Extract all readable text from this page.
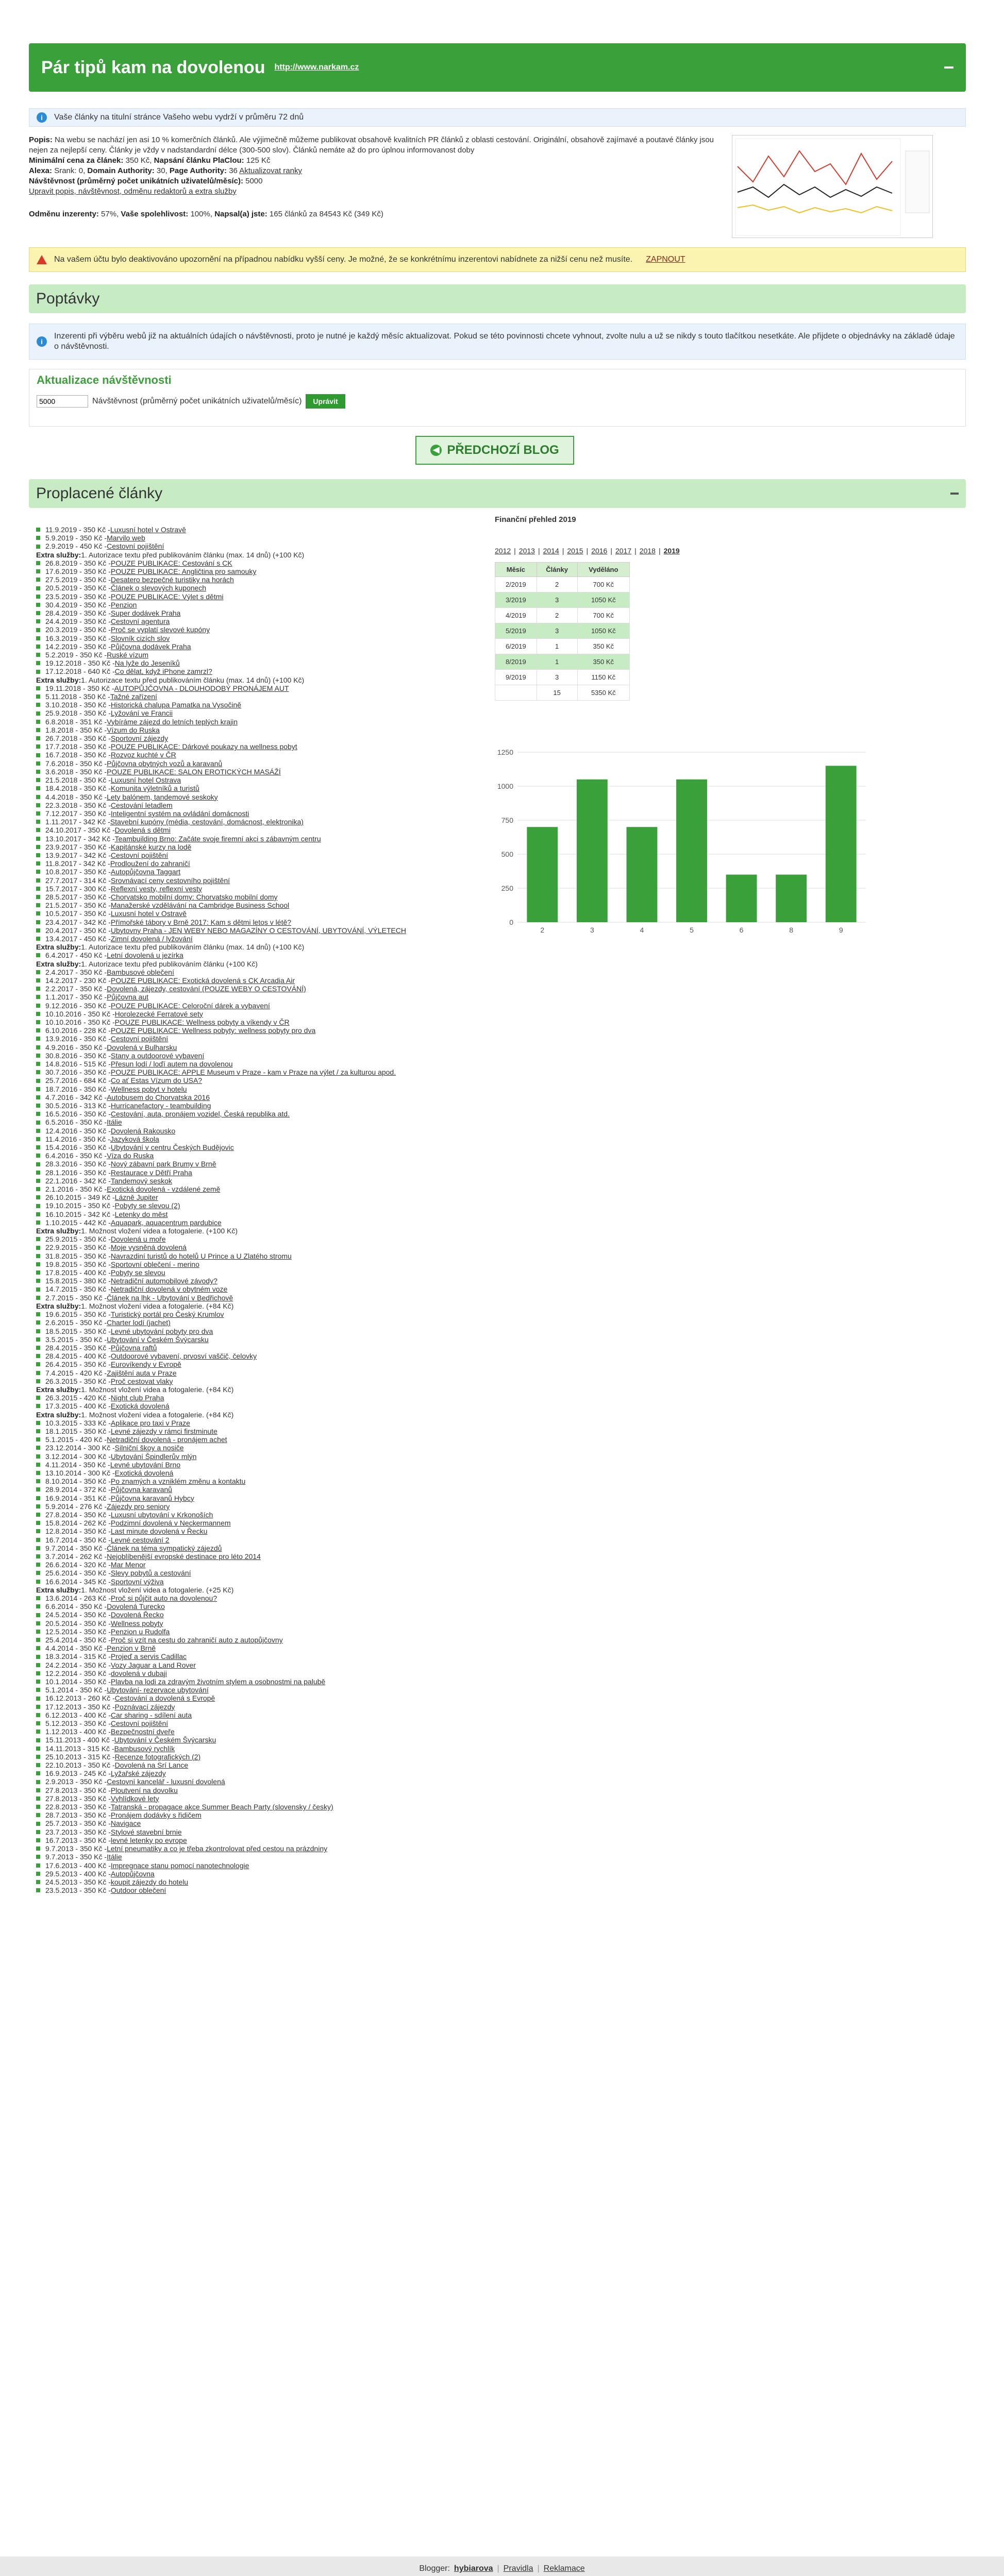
Pár tipů kam na dovolenou http://www.narkam.cz
i	Vaše články na titulní stránce Vašeho webu vydrží v průměru 72 dnů
Popis: Na webu se nachází jen asi 10 % komerčních článků. Ale výjimečně můžeme publikovat obsahově kvalitních PR článků z oblasti cestování. Originální, obsahově zajímavé a poutavé články jsou nejen za nejlepší ceny. Články je vždy v nadstandardní délce (300-500 slov). Článků nemáte až do pro úplnou informovanost doby
Minimální cena za článek: 350 Kč, Napsání článku PlaClou: 125 Kč
Alexa: Srank: 0, Domain Authority: 30, Page Authority: 36 Aktualizovat ranky
Návštěvnost (průměrný počet unikátních uživatelů/měsíc): 5000
Upravit popis, návštěvnost, odměnu redaktorů a extra služby
Odměnu inzerenty: 57%, Vaše spolehlivost: 100%, Napsal(a) jste: 165 článků za 84543 Kč (349 Kč)
Na vašem účtu bylo deaktivováno upozornění na případnou nabídku vyšší ceny. Je možné, že se konkrétnímu inzerentovi nabídnete za nižší cenu než musíte. ZAPNOUT
Poptávky
i
Inzerenti při výběru webů již na aktuálních údajích o návštěvnosti, proto je nutné je každý měsíc aktualizovat. Pokud se této povinnosti chcete vyhnout, zvolte nulu a už se nikdy s touto tlačítkou nesetkáte. Ale přijdete o objednávky na základě údaje o návštěvnosti.
Aktualizace návštěvnosti
5000
Návštěvnost (průměrný počet unikátních uživatelů/měsíc)	Uprávit
◀ PŘEDCHOZÍ BLOG
Proplacené články
11.9.2019 - 350 Kč - Luxusní hotel v Ostravě
5.9.2019 - 350 Kč - Marvilo web
2.9.2019 - 450 Kč - Cestovní pojištění
Extra služby: 1. Autorizace textu před publikováním článku (max. 14 dnů) (+100 Kč)
26.8.2019 - 350 Kč - POUZE PUBLIKACE: Cestování s CK
17.6.2019 - 350 Kč - POUZE PUBLIKACE: Angličtina pro samouky
27.5.2019 - 350 Kč - Desatero bezpečné turistiky na horách
20.5.2019 - 350 Kč - Článek o slevových kuponech
23.5.2019 - 350 Kč - POUZE PUBLIKACE: Výlet s dětmi
30.4.2019 - 350 Kč - Penzion
28.4.2019 - 350 Kč - Super dodávek Praha
24.4.2019 - 350 Kč - Cestovní agentura
20.3.2019 - 350 Kč - Proč se vyplatí slevové kupóny
16.3.2019 - 350 Kč - Slovník cizích slov
14.2.2019 - 350 Kč - Půjčovna dodávek Praha
5.2.2019 - 350 Kč - Ruské vízum
19.12.2018 - 350 Kč - Na lyže do Jeseníků
17.12.2018 - 640 Kč - Co dělat, když iPhone zamrzl?
Extra služby: 1. Autorizace textu před publikováním článku (max. 14 dnů) (+100 Kč)
19.11.2018 - 350 Kč - AUTOPŮJČOVNA - DLOUHODOBÝ PRONÁJEM AUT
5.11.2018 - 350 Kč - Tažné zařízení
3.10.2018 - 350 Kč - Historická chalupa Pamatka na Vysočině
25.9.2018 - 350 Kč - Lyžování ve Francii
6.8.2018 - 351 Kč - Vybíráme zájezd do letních teplých krajin
1.8.2018 - 350 Kč - Vízum do Ruska
26.7.2018 - 350 Kč - Sportovní zájezdy
17.7.2018 - 350 Kč - POUZE PUBLIKACE: Dárkové poukazy na wellness pobyt
16.7.2018 - 350 Kč - Rozvoz kuchté v ČR
7.6.2018 - 350 Kč - Půjčovna obytných vozů a karavanů
3.6.2018 - 350 Kč - POUZE PUBLIKACE: SALON EROTICKÝCH MASÁŽÍ
21.5.2018 - 350 Kč - Luxusní hotel Ostrava
18.4.2018 - 350 Kč - Komunita výletníků a turistů
4.4.2018 - 350 Kč - Lety balónem, tandemové seskoky
22.3.2018 - 350 Kč - Cestování letadlem
7.12.2017 - 350 Kč - Inteligentní systém na ovládání domácnosti
1.11.2017 - 342 Kč - Stavební kupóny (média, cestování, domácnost, elektronika)
24.10.2017 - 350 Kč - Dovolená s dětmi
13.10.2017 - 342 Kč - Teambuilding Brno: Začáte svoje firemní akci s zábavným centru
23.9.2017 - 350 Kč - Kapitánské kurzy na lodě
13.9.2017 - 342 Kč - Cestovní pojištění
11.8.2017 - 342 Kč - Prodloužení do zahraničí
10.8.2017 - 350 Kč - Autopůjčovna Taggart
27.7.2017 - 314 Kč - Srovnávací ceny cestovního pojištění
15.7.2017 - 300 Kč - Reflexní vesty, reflexní vesty
28.5.2017 - 350 Kč - Chorvatsko mobilní domy: Chorvatsko mobilní domy
21.5.2017 - 350 Kč - Manažerské vzdělávání na Cambridge Business School
10.5.2017 - 350 Kč - Luxusní hotel v Ostravě
23.4.2017 - 342 Kč - Přímořské tábory v Brně 2017: Kam s dětmi letos v létě?
20.4.2017 - 350 Kč - Ubytovny Praha - JEN WEBY NEBO MAGAZÍNY O CESTOVÁNÍ, UBYTOVÁNÍ, VÝLETECH
13.4.2017 - 450 Kč - Zimní dovolená / lyžování
Extra služby: 1. Autorizace textu před publikováním článku (max. 14 dnů) (+100 Kč)
6.4.2017 - 450 Kč - Letní dovolená u jezírka
Extra služby: 1. Autorizace textu před publikováním článku (+100 Kč)
2.4.2017 - 350 Kč - Bambusové oblečení
14.2.2017 - 230 Kč - POUZE PUBLIKACE: Exotická dovolená s CK Arcadia Air
2.2.2017 - 350 Kč - Dovolená, zájezdy, cestování (POUZE WEBY O CESTOVÁNÍ)
1.1.2017 - 350 Kč - Půjčovna aut
9.12.2016 - 350 Kč - POUZE PUBLIKACE: Celoroční dárek a vybavení
10.10.2016 - 350 Kč - Horolezecké Ferratové sety
10.10.2016 - 350 Kč - POUZE PUBLIKACE: Wellness pobyty a víkendy v ČR
6.10.2016 - 228 Kč - POUZE PUBLIKACE: Wellness pobyty: wellness pobyty pro dva
13.9.2016 - 350 Kč - Cestovní pojištění
4.9.2016 - 350 Kč - Dovolená v Bulharsku
30.8.2016 - 350 Kč - Stany a outdoorové vybavení
14.8.2016 - 515 Kč - Přesun lodí / loďí autem na dovolenou
30.7.2016 - 350 Kč - POUZE PUBLIKACE: APPLE Museum v Praze - kam v Praze na výlet / za kulturou apod.
25.7.2016 - 684 Kč - Co ať Estas Vízum do USA?
18.7.2016 - 350 Kč - Wellness pobyt v hotelu
4.7.2016 - 342 Kč - Autobusem do Chorvatska 2016
30.5.2016 - 313 Kč - Hurricanefactory - teambuilding
16.5.2016 - 350 Kč - Cestování, auta, pronájem vozidel, Česká republika atd.
6.5.2016 - 350 Kč - Itálie
12.4.2016 - 350 Kč - Dovolená Rakousko
11.4.2016 - 350 Kč - Jazyková škola
15.4.2016 - 350 Kč - Ubytování v centru Českých Budějovic
6.4.2016 - 350 Kč - Víza do Ruska
28.3.2016 - 350 Kč - Nový zábavní park Brumy v Brně
28.1.2016 - 350 Kč - Restaurace v Dětří Praha
22.1.2016 - 342 Kč - Tandemový seskok
2.1.2016 - 350 Kč - Exotická dovolená - vzdálené země
26.10.2015 - 349 Kč - Lázně Jupiter
19.10.2015 - 350 Kč - Pobyty se slevou (2)
16.10.2015 - 342 Kč - Letenky do měst
1.10.2015 - 442 Kč - Aquapark, aquacentrum pardubice
Extra služby: 1. Možnost vložení videa a fotogalerie. (+100 Kč)
25.9.2015 - 350 Kč - Dovolená u moře
22.9.2015 - 350 Kč - Moje vysněná dovolená
31.8.2015 - 350 Kč - Navrazdiní turistů do hotelů U Prince a U Zlatého stromu
19.8.2015 - 350 Kč - Sportovní oblečení - merino
17.8.2015 - 400 Kč - Pobyty se slevou
15.8.2015 - 380 Kč - Netradiční automobilové závody?
14.7.2015 - 350 Kč - Netradiční dovolená v obytném voze
2.7.2015 - 350 Kč - Článek na lhk - Ubytování v Bedřichově
Extra služby: 1. Možnost vložení videa a fotogalerie. (+84 Kč)
19.6.2015 - 350 Kč - Turistický portál pro Český Krumlov
2.6.2015 - 350 Kč - Charter lodí (jachet)
18.5.2015 - 350 Kč - Levné ubytování pobyty pro dva
3.5.2015 - 350 Kč - Ubytování v Českém Švýcarsku
28.4.2015 - 350 Kč - Půjčovna raftů
28.4.2015 - 400 Kč - Outdoorové vybavení, prvosví vaščič, čelovky
26.4.2015 - 350 Kč - Eurovíkendy v Evropě
7.4.2015 - 420 Kč - Zajištění auta v Praze
26.3.2015 - 350 Kč - Proč cestovat vlaky
Extra služby: 1. Možnost vložení videa a fotogalerie. (+84 Kč)
26.3.2015 - 420 Kč - Night club Praha
17.3.2015 - 400 Kč - Exotická dovolená
Extra služby: 1. Možnost vložení videa a fotogalerie. (+84 Kč)
10.3.2015 - 333 Kč - Aplikace pro taxi v Praze
18.1.2015 - 350 Kč - Levné zájezdy v rámci firstminute
5.1.2015 - 420 Kč - Netradiční dovolená - pronájem achet
23.12.2014 - 300 Kč - Silniční škoy a nosiče
3.12.2014 - 300 Kč - Ubytování Špindlerův mlýn
4.11.2014 - 350 Kč - Levné ubytování Brno
13.10.2014 - 300 Kč - Exotická dovolená
8.10.2014 - 350 Kč - Po znamých a vzniklém změnu a kontaktu
28.9.2014 - 372 Kč - Půjčovna karavanů
16.9.2014 - 351 Kč - Půjčovna karavanů Hybcy
5.9.2014 - 276 Kč - Zájezdy pro seniory
27.8.2014 - 350 Kč - Luxusní ubytování v Krkonoších
15.8.2014 - 262 Kč - Podzimní dovolená v Neckermannem
12.8.2014 - 350 Kč - Last minute dovolená v Řecku
16.7.2014 - 350 Kč - Levné cestování 2
9.7.2014 - 350 Kč - Článek na téma sympatický zájezdů
3.7.2014 - 262 Kč - Nejoblíbenější evropské destinace pro léto 2014
26.6.2014 - 320 Kč - Mar Menor
25.6.2014 - 350 Kč - Slevy pobytů a cestování
16.6.2014 - 345 Kč - Sportovní výživa
Extra služby: 1. Možnost vložení videa a fotogalerie. (+25 Kč)
13.6.2014 - 263 Kč - Proč si půjčit auto na dovolenou?
6.6.2014 - 350 Kč - Dovolená Turecko
24.5.2014 - 350 Kč - Dovolená Řecko
20.5.2014 - 350 Kč - Wellness pobyty
12.5.2014 - 350 Kč - Penzion u Rudolfa
25.4.2014 - 350 Kč - Proč si vzít na cestu do zahraničí auto z autopůjčovny
4.4.2014 - 350 Kč - Penzion v Brně
18.3.2014 - 315 Kč - Projeď a servis Cadillac
24.2.2014 - 350 Kč - Vozy Jaguar a Land Rover
12.2.2014 - 350 Kč - dovolená v dubaji
10.1.2014 - 350 Kč - Plavba na lodi za zdravým životním stylem a osobnostmi na palubě
5.1.2014 - 350 Kč - Ubytování- rezervace ubytování
16.12.2013 - 260 Kč - Cestování a dovolená s Evropě
17.12.2013 - 350 Kč - Poznávací zájezdy
6.12.2013 - 400 Kč - Car sharing - sdílení auta
5.12.2013 - 350 Kč - Cestovní pojištění
1.12.2013 - 400 Kč - Bezpečnostní dveře
15.11.2013 - 400 Kč - Ubytování v Českém Švýcarsku
14.11.2013 - 315 Kč - Bambusový rychlík
25.10.2013 - 315 Kč - Recenze fotografických (2)
22.10.2013 - 350 Kč - Dovolená na Srí Lance
16.9.2013 - 245 Kč - Lyžařské zájezdy
2.9.2013 - 350 Kč - Cestovní kancelář - luxusní dovolená
27.8.2013 - 350 Kč - Ploutvení na dovolku
27.8.2013 - 350 Kč - Vyhlídkové lety
22.8.2013 - 350 Kč - Tatranská - propagace akce Summer Beach Party (slovensky / česky)
28.7.2013 - 350 Kč - Pronájem dodávky s řidičem
25.7.2013 - 350 Kč - Navigace
23.7.2013 - 350 Kč - Stylové stavební brnie
16.7.2013 - 350 Kč - levné letenky po evrope
9.7.2013 - 350 Kč - Letní pneumatiky a co je třeba zkontrolovat před cestou na prázdniny
9.7.2013 - 350 Kč - Itálie
17.6.2013 - 400 Kč - Impregnace stanu pomocí nanotechnologie
29.5.2013 - 400 Kč - Autopůjčovna
24.5.2013 - 350 Kč - koupit zájezdy do hotelu
23.5.2013 - 350 Kč - Outdoor oblečení
Finanční přehled 2019
2012 | 2013 | 2014 | 2015 | 2016 | 2017 | 2018 | 2019
Měsíc	Články	Vyděláno
2/2019	2	700 Kč
3/2019	3	1050 Kč
4/2019	2	700 Kč
5/2019	3	1050 Kč
6/2019	1	350 Kč
8/2019	1	350 Kč
9/2019	3	1150 Kč
	15	5350 Kč
0
250
500
750
1000
1250
2	3	4	5	6	8	9
Blogger: hybiarova | Pravidla | Reklamace
